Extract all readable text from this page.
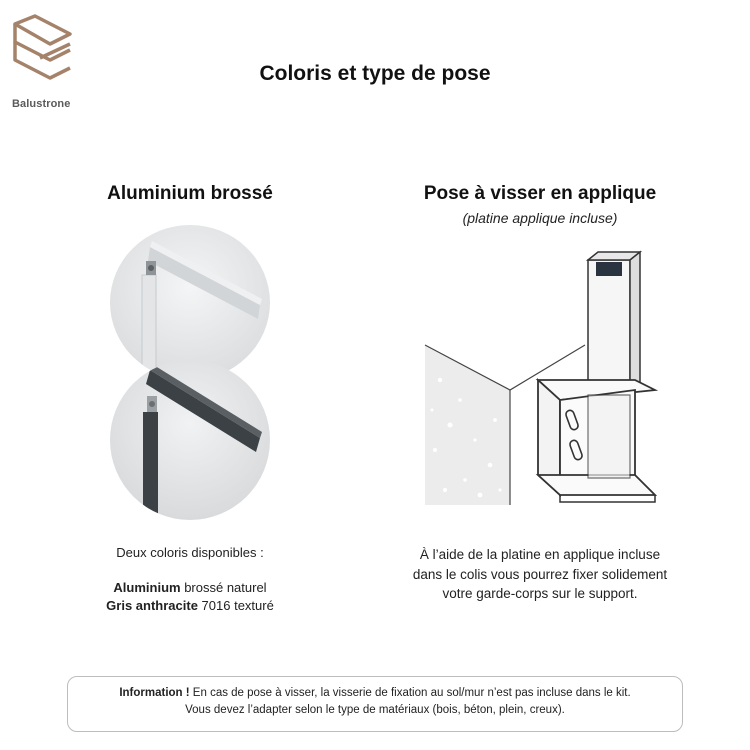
Balustrone
Coloris et type de pose
Aluminium brossé
Deux coloris disponibles :
Aluminium brossé naturel
Gris anthracite 7016 texturé
Pose à visser en applique
(platine applique incluse)
À l’aide de la platine en applique incluse
dans le colis vous pourrez fixer solidement
votre garde-corps sur le support.
Information ! En cas de pose à visser, la visserie de fixation au sol/mur n’est pas incluse dans le kit.
Vous devez l’adapter selon le type de matériaux (bois, béton, plein, creux).
